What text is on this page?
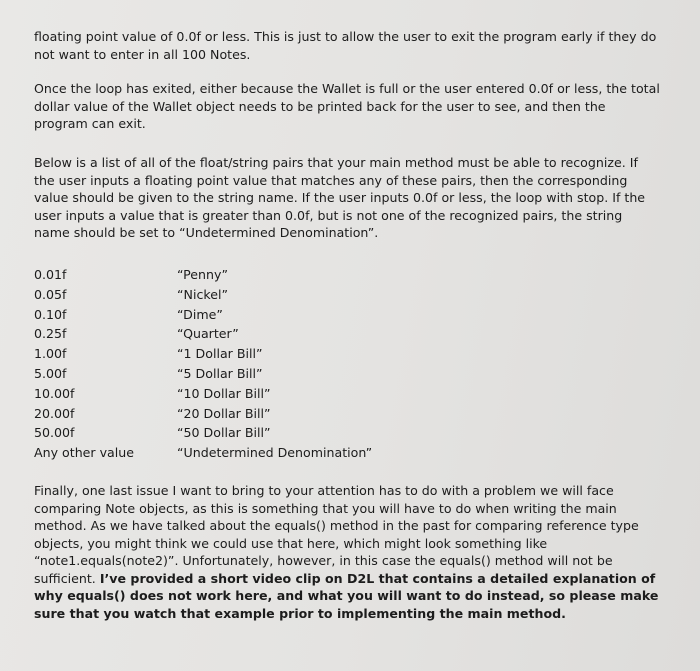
floating point value of 0.0f or less. This is just to allow the user to exit the program early if they do not want to enter in all 100 Notes.

Once the loop has exited, either because the Wallet is full or the user entered 0.0f or less, the total dollar value of the Wallet object needs to be printed back for the user to see, and then the program can exit.

Below is a list of all of the float/string pairs that your main method must be able to recognize. If the user inputs a floating point value that matches any of these pairs, then the corresponding value should be given to the string name. If the user inputs 0.0f or less, the loop with stop. If the user inputs a value that is greater than 0.0f, but is not one of the recognized pairs, the string name should be set to “Undetermined Denomination”.

0.01f	“Penny”
0.05f	“Nickel”
0.10f	“Dime”
0.25f	“Quarter”
1.00f	“1 Dollar Bill”
5.00f	“5 Dollar Bill”
10.00f	“10 Dollar Bill”
20.00f	“20 Dollar Bill”
50.00f	“50 Dollar Bill”
Any other value	“Undetermined Denomination”

Finally, one last issue I want to bring to your attention has to do with a problem we will face comparing Note objects, as this is something that you will have to do when writing the main method. As we have talked about the equals() method in the past for comparing reference type objects, you might think we could use that here, which might look something like “note1.equals(note2)”. Unfortunately, however, in this case the equals() method will not be sufficient. I’ve provided a short video clip on D2L that contains a detailed explanation of why equals() does not work here, and what you will want to do instead, so please make sure that you watch that example prior to implementing the main method.
